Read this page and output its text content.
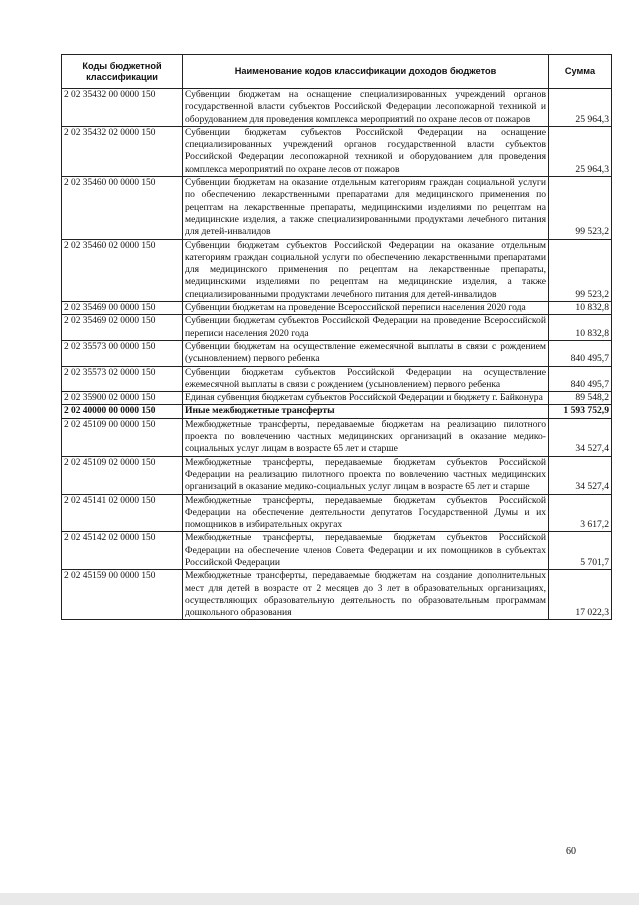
Коды бюджетной классификации	Наименование кодов классификации доходов бюджетов	Сумма
2 02 35432 00 0000 150	Субвенции бюджетам на оснащение специализированных учреждений органов государственной власти субъектов Российской Федерации лесопожарной техникой и оборудованием для проведения комплекса мероприятий по охране лесов от пожаров	25 964,3
2 02 35432 02 0000 150	Субвенции бюджетам субъектов Российской Федерации на оснащение специализированных учреждений органов государственной власти субъектов Российской Федерации лесопожарной техникой и оборудованием для проведения комплекса мероприятий по охране лесов от пожаров	25 964,3
2 02 35460 00 0000 150	Субвенции бюджетам на оказание отдельным категориям граждан социальной услуги по обеспечению лекарственными препаратами для медицинского применения по рецептам на лекарственные препараты, медицинскими изделиями по рецептам на медицинские изделия, а также специализированными продуктами лечебного питания для детей-инвалидов	99 523,2
2 02 35460 02 0000 150	Субвенции бюджетам субъектов Российской Федерации на оказание отдельным категориям граждан социальной услуги по обеспечению лекарственными препаратами для медицинского применения по рецептам на лекарственные препараты, медицинскими изделиями по рецептам на медицинские изделия, а также специализированными продуктами лечебного питания для детей-инвалидов	99 523,2
2 02 35469 00 0000 150	Субвенции бюджетам на проведение Всероссийской переписи населения 2020 года	10 832,8
2 02 35469 02 0000 150	Субвенции бюджетам субъектов Российской Федерации на проведение Всероссийской переписи населения 2020 года	10 832,8
2 02 35573 00 0000 150	Субвенции бюджетам на осуществление ежемесячной выплаты в связи с рождением (усыновлением) первого ребенка	840 495,7
2 02 35573 02 0000 150	Субвенции бюджетам субъектов Российской Федерации на осуществление ежемесячной выплаты в связи с рождением (усыновлением) первого ребенка	840 495,7
2 02 35900 02 0000 150	Единая субвенция бюджетам субъектов Российской Федерации и бюджету г. Байконура	89 548,2
2 02 40000 00 0000 150	Иные межбюджетные трансферты	1 593 752,9
2 02 45109 00 0000 150	Межбюджетные трансферты, передаваемые бюджетам на реализацию пилотного проекта по вовлечению частных медицинских организаций в оказание медико-социальных услуг лицам в возрасте 65 лет и старше	34 527,4
2 02 45109 02 0000 150	Межбюджетные трансферты, передаваемые бюджетам субъектов Российской Федерации на реализацию пилотного проекта по вовлечению частных медицинских организаций в оказание медико-социальных услуг лицам в возрасте 65 лет и старше	34 527,4
2 02 45141 02 0000 150	Межбюджетные трансферты, передаваемые бюджетам субъектов Российской Федерации на обеспечение деятельности депутатов Государственной Думы и их помощников в избирательных округах	3 617,2
2 02 45142 02 0000 150	Межбюджетные трансферты, передаваемые бюджетам субъектов Российской Федерации на обеспечение членов Совета Федерации и их помощников в субъектах Российской Федерации	5 701,7
2 02 45159 00 0000 150	Межбюджетные трансферты, передаваемые бюджетам на создание дополнительных мест для детей в возрасте от 2 месяцев до 3 лет в образовательных организациях, осуществляющих образовательную деятельность по образовательным программам дошкольного образования	17 022,3
60
